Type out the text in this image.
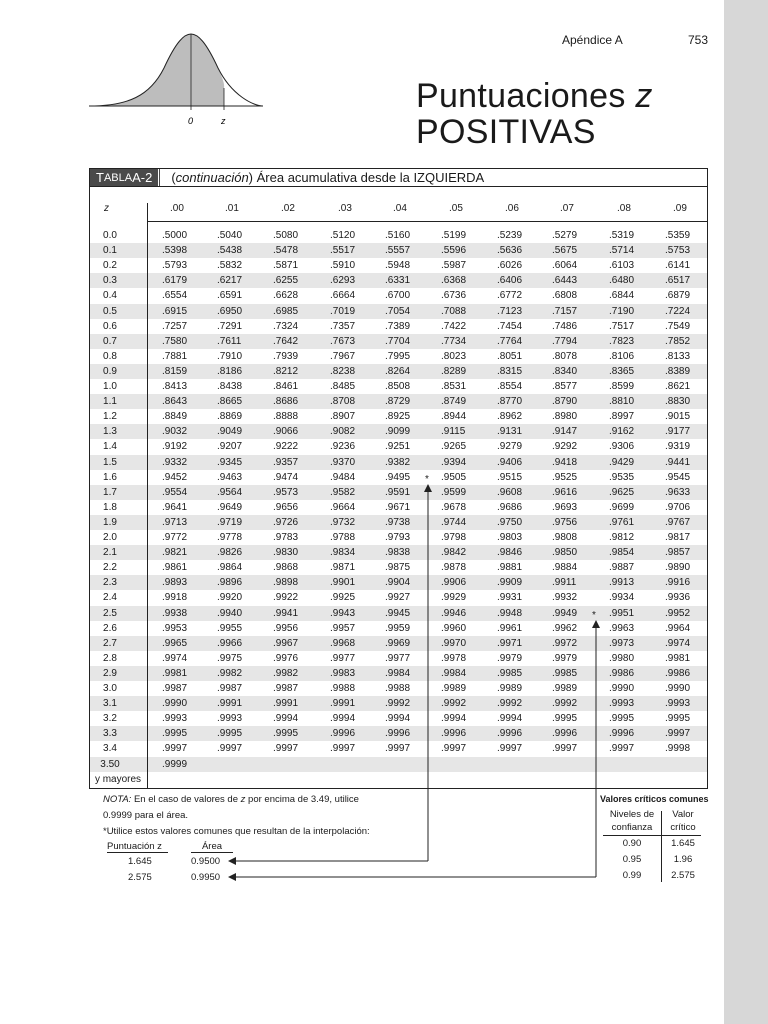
Apéndice A	753
Puntuaciones z
POSITIVAS
0	z
T ABLA A-2	(continuación) Área acumulativa desde la IZQUIERDA
0.0	.5000	.5040	.5080	.5120	.5160	.5199	.5239	.5279	.5319	.5359
0.1	.5398	.5438	.5478	.5517	.5557	.5596	.5636	.5675	.5714	.5753
0.2	.5793	.5832	.5871	.5910	.5948	.5987	.6026	.6064	.6103	.6141
0.3	.6179	.6217	.6255	.6293	.6331	.6368	.6406	.6443	.6480	.6517
0.4	.6554	.6591	.6628	.6664	.6700	.6736	.6772	.6808	.6844	.6879
0.5	.6915	.6950	.6985	.7019	.7054	.7088	.7123	.7157	.7190	.7224
0.6	.7257	.7291	.7324	.7357	.7389	.7422	.7454	.7486	.7517	.7549
0.7	.7580	.7611	.7642	.7673	.7704	.7734	.7764	.7794	.7823	.7852
0.8	.7881	.7910	.7939	.7967	.7995	.8023	.8051	.8078	.8106	.8133
0.9	.8159	.8186	.8212	.8238	.8264	.8289	.8315	.8340	.8365	.8389
1.0	.8413	.8438	.8461	.8485	.8508	.8531	.8554	.8577	.8599	.8621
1.1	.8643	.8665	.8686	.8708	.8729	.8749	.8770	.8790	.8810	.8830
1.2	.8849	.8869	.8888	.8907	.8925	.8944	.8962	.8980	.8997	.9015
1.3	.9032	.9049	.9066	.9082	.9099	.9115	.9131	.9147	.9162	.9177
1.4	.9192	.9207	.9222	.9236	.9251	.9265	.9279	.9292	.9306	.9319
1.5	.9332	.9345	.9357	.9370	.9382	.9394	.9406	.9418	.9429	.9441
1.6	.9452	.9463	.9474	.9484	.9495	.9505	.9515	.9525	.9535	.9545
1.7	.9554	.9564	.9573	.9582	.9591	.9599	.9608	.9616	.9625	.9633
1.8	.9641	.9649	.9656	.9664	.9671	.9678	.9686	.9693	.9699	.9706
1.9	.9713	.9719	.9726	.9732	.9738	.9744	.9750	.9756	.9761	.9767
2.0	.9772	.9778	.9783	.9788	.9793	.9798	.9803	.9808	.9812	.9817
2.1	.9821	.9826	.9830	.9834	.9838	.9842	.9846	.9850	.9854	.9857
2.2	.9861	.9864	.9868	.9871	.9875	.9878	.9881	.9884	.9887	.9890
2.3	.9893	.9896	.9898	.9901	.9904	.9906	.9909	.9911	.9913	.9916
2.4	.9918	.9920	.9922	.9925	.9927	.9929	.9931	.9932	.9934	.9936
2.5	.9938	.9940	.9941	.9943	.9945	.9946	.9948	.9949	.9951	.9952
2.6	.9953	.9955	.9956	.9957	.9959	.9960	.9961	.9962	.9963	.9964
2.7	.9965	.9966	.9967	.9968	.9969	.9970	.9971	.9972	.9973	.9974
2.8	.9974	.9975	.9976	.9977	.9977	.9978	.9979	.9979	.9980	.9981
2.9	.9981	.9982	.9982	.9983	.9984	.9984	.9985	.9985	.9986	.9986
3.0	.9987	.9987	.9987	.9988	.9988	.9989	.9989	.9989	.9990	.9990
3.1	.9990	.9991	.9991	.9991	.9992	.9992	.9992	.9992	.9993	.9993
3.2	.9993	.9993	.9994	.9994	.9994	.9994	.9994	.9995	.9995	.9995
3.3	.9995	.9995	.9995	.9996	.9996	.9996	.9996	.9996	.9996	.9997
3.4	.9997	.9997	.9997	.9997	.9997	.9997	.9997	.9997	.9997	.9998
3.50	.9999
y mayores
z	.00	.01	.02	.03	.04	.05	.06	.07	.08	.09
*
*
NOTA: En el caso de valores de z por encima de 3.49, utilice
0.9999 para el área.
*Utilice estos valores comunes que resultan de la interpolación:
Puntuación z	Área
1.645	0.9500
2.575	0.9950
Valores críticos comunes
Niveles de
confianza
Valor
crítico
0.90	1.645
0.95	1.96
0.99	2.575
